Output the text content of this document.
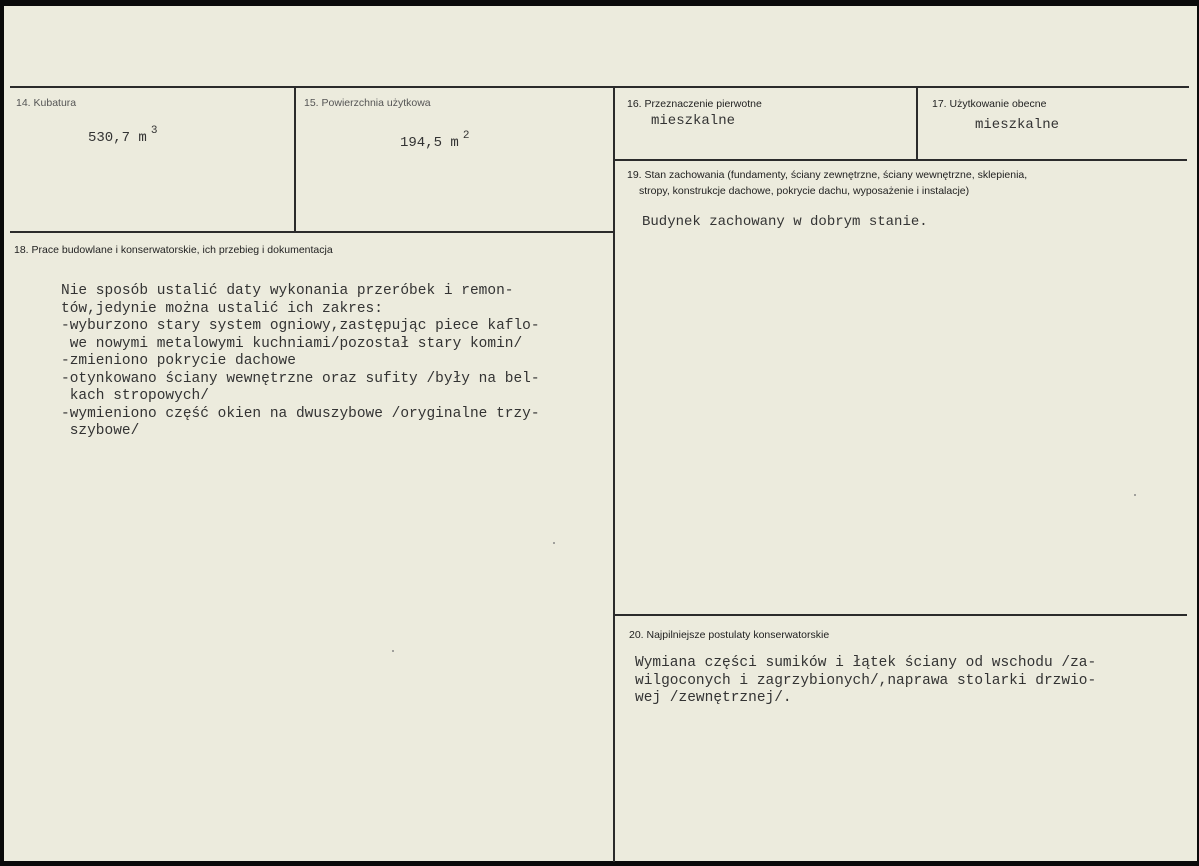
14. Kubatura
530,7 m $^3$
15. Powierzchnia użytkowa
194,5 m $^2$
16. Przeznaczenie pierwotne
mieszkalne
17. Użytkowanie obecne
mieszkalne
19. Stan zachowania (fundamenty, ściany zewnętrzne, ściany wewnętrzne, sklepienia,
stropy, konstrukcje dachowe, pokrycie dachu, wyposażenie i instalacje)
Budynek zachowany w dobrym stanie.
18. Prace budowlane i konserwatorskie, ich przebieg i dokumentacja
Nie sposób ustalić daty wykonania przeróbek i remon-
tów,jedynie można ustalić ich zakres:
-wyburzono stary system ogniowy,zastępując piece kaflo-
we nowymi metalowymi kuchniami/pozostał stary komin/
-zmieniono pokrycie dachowe
-otynkowano ściany wewnętrzne oraz sufity /były na bel-
kach stropowych/
-wymieniono część okien na dwuszybowe /oryginalne trzy-
szybowe/
20. Najpilniejsze postulaty konserwatorskie
Wymiana części sumików i łątek ściany od wschodu /za-
wilgoconych i zagrzybionych/,naprawa stolarki drzwio-
wej /zewnętrznej/.
